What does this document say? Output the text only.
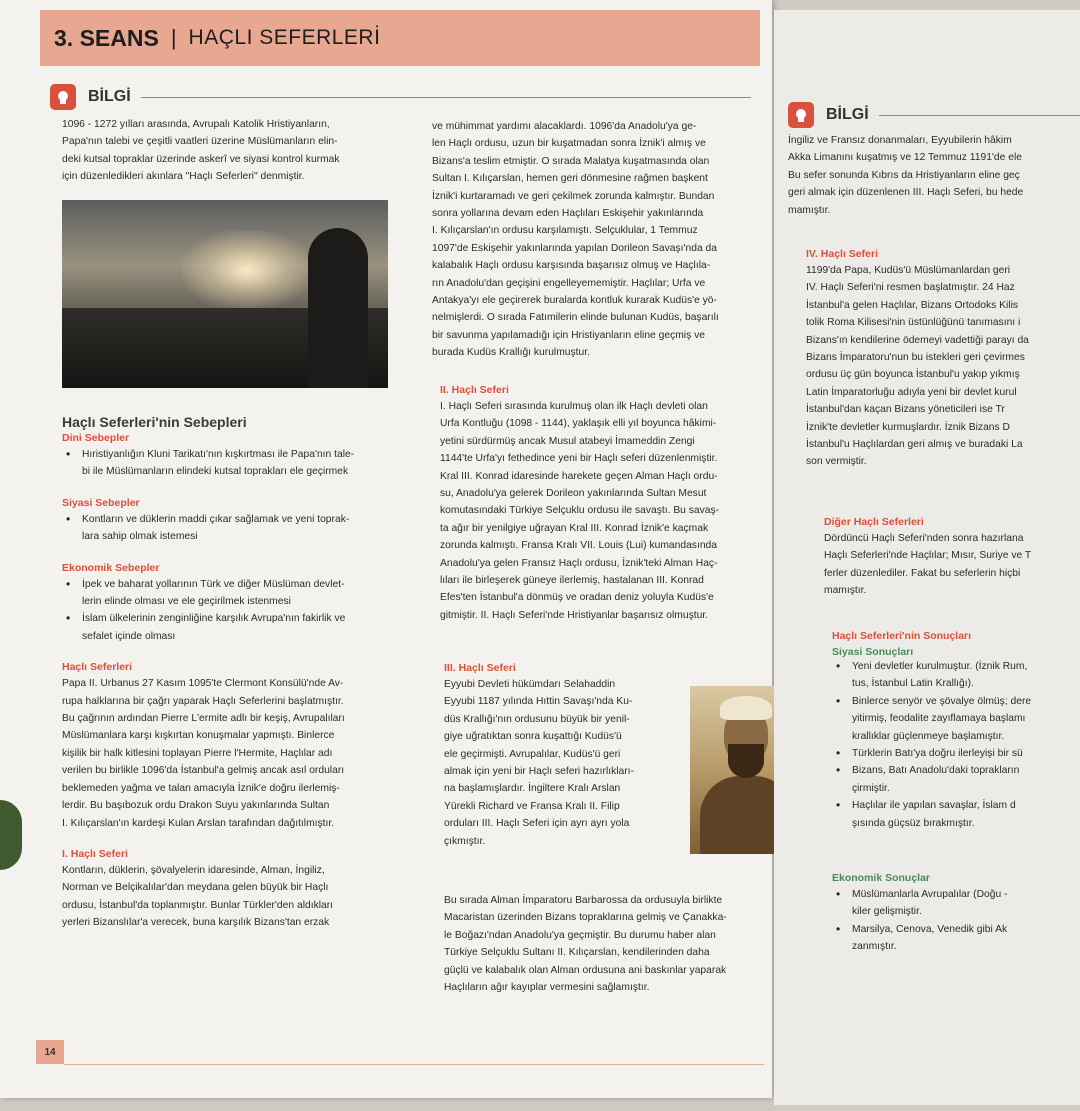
3. SEANS | HAÇLI SEFERLERİ
BİLGİ
1096 - 1272 yılları arasında, Avrupalı Katolik Hristiyanların,
Papa'nın talebi ve çeşitli vaatleri üzerine Müslümanların elin-
deki kutsal topraklar üzerinde askerî ve siyasi kontrol kurmak
için düzenledikleri akınlara "Haçlı Seferleri" denmiştir.
Haçlı Seferleri'nin Sebepleri
Dini Sebepler
• Hıristiyanlığın Kluni Tarikatı'nın kışkırtması ile Papa'nın tale-
bi ile Müslümanların elindeki kutsal toprakları ele geçirmek
Siyasi Sebepler
• Kontların ve düklerin maddi çıkar sağlamak ve yeni toprak-
lara sahip olmak istemesi
Ekonomik Sebepler
• İpek ve baharat yollarının Türk ve diğer Müslüman devlet-
lerin elinde olması ve ele geçirilmek istenmesi
• İslam ülkelerinin zenginliğine karşılık Avrupa'nın fakirlik ve
sefalet içinde olması
Haçlı Seferleri
Papa II. Urbanus 27 Kasım 1095'te Clermont Konsülü'nde Av-
rupa halklarına bir çağrı yaparak Haçlı Seferlerini başlatmıştır.
Bu çağrının ardından Pierre L'ermite adlı bir keşiş, Avrupalıları
Müslümanlara karşı kışkırtan konuşmalar yapmıştı. Binlerce
kişilik bir halk kitlesini toplayan Pierre l'Hermite, Haçlılar adı
verilen bu birlikle 1096'da İstanbul'a gelmiş ancak asıl orduları
beklemeden yağma ve talan amacıyla İznik'e doğru ilerlemiş-
lerdir. Bu başıbozuk ordu Drakon Suyu yakınlarında Sultan
I. Kılıçarslan'ın kardeşi Kulan Arslan tarafından dağıtılmıştır.
I. Haçlı Seferi
Kontların, düklerin, şövalyelerin idaresinde, Alman, İngiliz,
Norman ve Belçikalılar'dan meydana gelen büyük bir Haçlı
ordusu, İstanbul'da toplanmıştır. Bunlar Türkler'den aldıkları
yerleri Bizanslılar'a verecek, buna karşılık Bizans'tan erzak
ve mühimmat yardımı alacaklardı. 1096'da Anadolu'ya ge-
len Haçlı ordusu, uzun bir kuşatmadan sonra İznik'i almış ve
Bizans'a teslim etmiştir. O sırada Malatya kuşatmasında olan
Sultan I. Kılıçarslan, hemen geri dönmesine rağmen başkent
İznik'i kurtaramadı ve geri çekilmek zorunda kalmıştır. Bundan
sonra yollarına devam eden Haçlıları Eskişehir yakınlarında
I. Kılıçarslan'ın ordusu karşılamıştı. Selçuklular, 1 Temmuz
1097'de Eskişehir yakınlarında yapılan Dorileon Savaşı'nda da
kalabalık Haçlı ordusu karşısında başarısız olmuş ve Haçlıla-
rın Anadolu'dan geçişini engelleyememiştir. Haçlılar; Urfa ve
Antakya'yı ele geçirerek buralarda kontluk kurarak Kudüs'e yö-
nelmişlerdi. O sırada Fatımilerin elinde bulunan Kudüs, başarılı
bir savunma yapılamadığı için Hristiyanların eline geçmiş ve
burada Kudüs Krallığı kurulmuştur.
II. Haçlı Seferi
I. Haçlı Seferi sırasında kurulmuş olan ilk Haçlı devleti olan
Urfa Kontluğu (1098 - 1144), yaklaşık elli yıl boyunca hâkimi-
yetini sürdürmüş ancak Musul atabeyi İmameddin Zengi
1144'te Urfa'yı fethedince yeni bir Haçlı seferi düzenlenmiştir.
Kral III. Konrad idaresinde harekete geçen Alman Haçlı ordu-
su, Anadolu'ya gelerek Dorileon yakınlarında Sultan Mesut
komutasındaki Türkiye Selçuklu ordusu ile savaştı. Bu savaş-
ta ağır bir yenilgiye uğrayan Kral III. Konrad İznik'e kaçmak
zorunda kalmıştı. Fransa Kralı VII. Louis (Lui) kumandasında
Anadolu'ya gelen Fransız Haçlı ordusu, İznik'teki Alman Haç-
lıları ile birleşerek güneye ilerlemiş, hastalanan III. Konrad
Efes'ten İstanbul'a dönmüş ve oradan deniz yoluyla Kudüs'e
gitmiştir. II. Haçlı Seferi'nde Hristiyanlar başarısız olmuştur.
III. Haçlı Seferi
Eyyubi Devleti hükümdarı Selahaddin
Eyyubi 1187 yılında Hıttin Savaşı'nda Ku-
düs Krallığı'nın ordusunu büyük bir yenil-
giye uğratıktan sonra kuşattığı Kudüs'ü
ele geçirmişti. Avrupalılar, Kudüs'ü geri
almak için yeni bir Haçlı seferi hazırlıkları-
na başlamışlardır. İngiltere Kralı Arslan
Yürekli Richard ve Fransa Kralı II. Filip
orduları III. Haçlı Seferi için ayrı ayrı yola
çıkmıştır.
Bu sırada Alman İmparatoru Barbarossa da ordusuyla birlikte
Macaristan üzerinden Bizans topraklarına gelmiş ve Çanakka-
le Boğazı'ndan Anadolu'ya geçmiştir. Bu durumu haber alan
Türkiye Selçuklu Sultanı II. Kılıçarslan, kendilerinden daha
güçlü ve kalabalık olan Alman ordusuna ani baskınlar yaparak
Haçlıların ağır kayıplar vermesini sağlamıştır.
14
BİLGİ
İngiliz ve Fransız donanmaları, Eyyubilerin hâkim
Akka Limanını kuşatmış ve 12 Temmuz 1191'de ele
Bu sefer sonunda Kıbrıs da Hristiyanların eline geç
geri almak için düzenlenen III. Haçlı Seferi, bu hede
mamıştır.
IV. Haçlı Seferi
1199'da Papa, Kudüs'ü Müslümanlardan geri
IV. Haçlı Seferi'ni resmen başlatmıştır. 24 Haz
İstanbul'a gelen Haçlılar, Bizans Ortodoks Kilis
tolik Roma Kilisesi'nin üstünlüğünü tanımasını i
Bizans'ın kendilerine ödemeyi vadettiği parayı da
Bizans İmparatoru'nun bu istekleri geri çevirmes
ordusu üç gün boyunca İstanbul'u yakıp yıkmış
Latin İmparatorluğu adıyla yeni bir devlet kurul
İstanbul'dan kaçan Bizans yöneticileri ise Tr
İznik'te devletler kurmuşlardır. İznik Bizans D
İstanbul'u Haçlılardan geri almış ve buradaki La
son vermiştir.
Diğer Haçlı Seferleri
Dördüncü Haçlı Seferi'nden sonra hazırlana
Haçlı Seferleri'nde Haçlılar; Mısır, Suriye ve T
ferler düzenlediler. Fakat bu seferlerin hiçbi
mamıştır.
Haçlı Seferleri'nin Sonuçları
Siyasi Sonuçları
• Yeni devletler kurulmuştur. (İznik Rum,
tus, İstanbul Latin Krallığı).
• Binlerce senyör ve şövalye ölmüş; dere
yitirmiş, feodalite zayıflamaya başlamı
krallıklar güçlenmeye başlamıştır.
• Türklerin Batı'ya doğru ilerleyişi bir sü
• Bizans, Batı Anadolu'daki toprakların
çirmiştir.
• Haçlılar ile yapılan savaşlar, İslam d
şısında güçsüz bırakmıştır.
Ekonomik Sonuçlar
• Müslümanlarla Avrupalılar (Doğu -
kiler gelişmiştir.
• Marsilya, Cenova, Venedik gibi Ak
zanmıştır.
